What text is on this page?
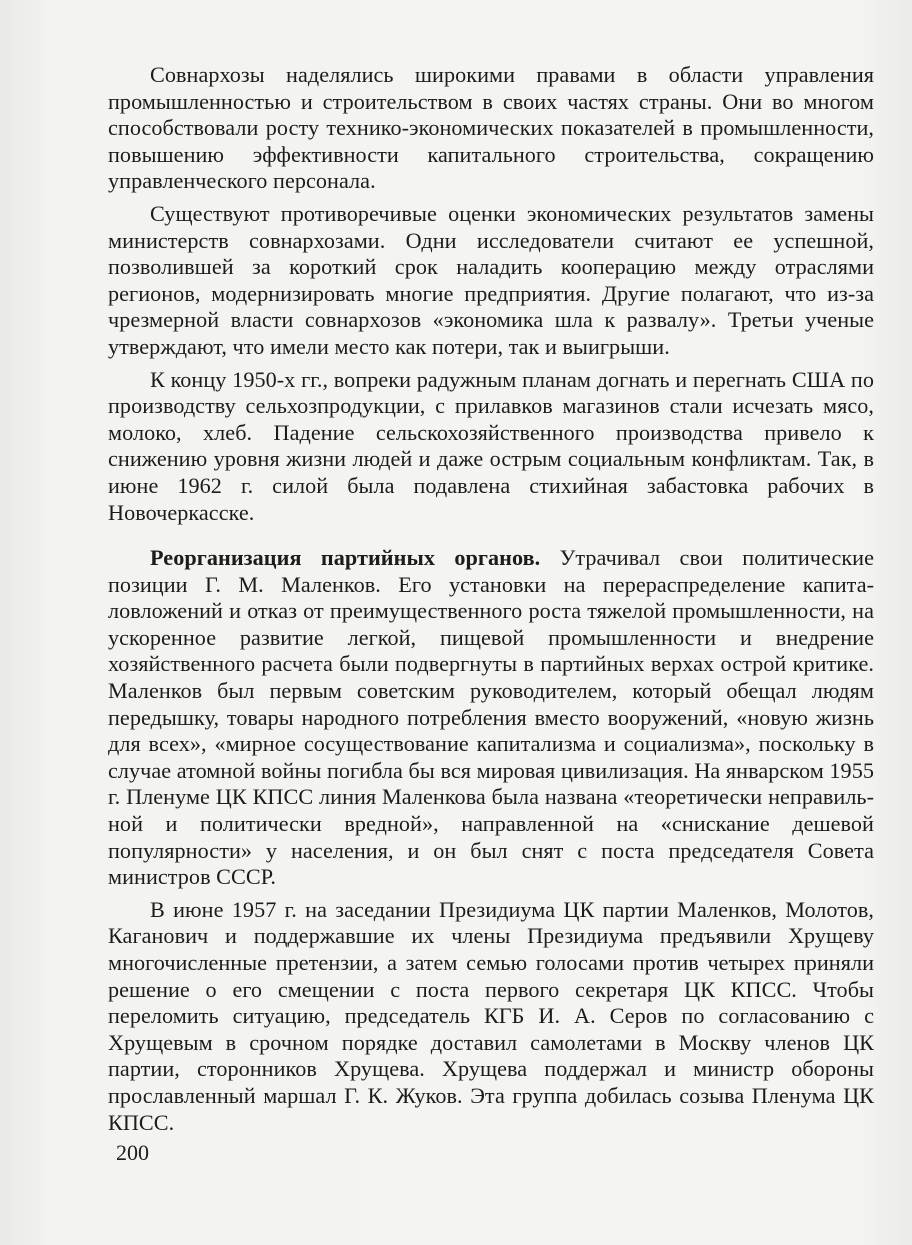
Совнархозы наделялись широкими правами в области управления промышленностью и строительством в своих частях страны. Они во многом способствовали росту технико-экономических показателей в промышленности, повышению эффективности капитального строительства, сокращению управленческого персонала.

Существуют противоречивые оценки экономических результатов замены министерств совнархозами. Одни исследователи считают ее успешной, позволившей за короткий срок наладить кооперацию между отраслями регионов, модернизировать многие предприятия. Другие полагают, что из-за чрезмерной власти совнархозов «экономика шла к развалу». Третьи ученые утверждают, что имели место как потери, так и выигрыши.

К концу 1950-х гг., вопреки радужным планам догнать и перегнать США по производству сельхозпродукции, с прилавков магазинов стали исчезать мясо, молоко, хлеб. Падение сельскохозяйственного производства привело к снижению уровня жизни людей и даже острым социальным конфликтам. Так, в июне 1962 г. силой была подавлена стихийная забастовка рабочих в Новочеркасске.

Реорганизация партийных органов. Утрачивал свои политические позиции Г. М. Маленков. Его установки на перераспределение капиталовложений и отказ от преимущественного роста тяжелой промышленности, на ускоренное развитие легкой, пищевой промышленности и внедрение хозяйственного расчета были подвергнуты в партийных верхах острой критике. Маленков был первым советским руководителем, который обещал людям передышку, товары народного потребления вместо вооружений, «новую жизнь для всех», «мирное сосуществование капитализма и социализма», поскольку в случае атомной войны погибла бы вся мировая цивилизация. На январском 1955 г. Пленуме ЦК КПСС линия Маленкова была названа «теоретически неправильной и политически вредной», направленной на «снискание дешевой популярности» у населения, и он был снят с поста председателя Совета министров СССР.

В июне 1957 г. на заседании Президиума ЦК партии Маленков, Молотов, Каганович и поддержавшие их члены Президиума предъявили Хрущеву многочисленные претензии, а затем семью голосами против четырех приняли решение о его смещении с поста первого секретаря ЦК КПСС. Чтобы переломить ситуацию, председатель КГБ И. А. Серов по согласованию с Хрущевым в срочном порядке доставил самолетами в Москву членов ЦК партии, сторонников Хрущева. Хрущева поддержал и министр обороны прославленный маршал Г. К. Жуков. Эта группа добилась созыва Пленума ЦК КПСС.

200
